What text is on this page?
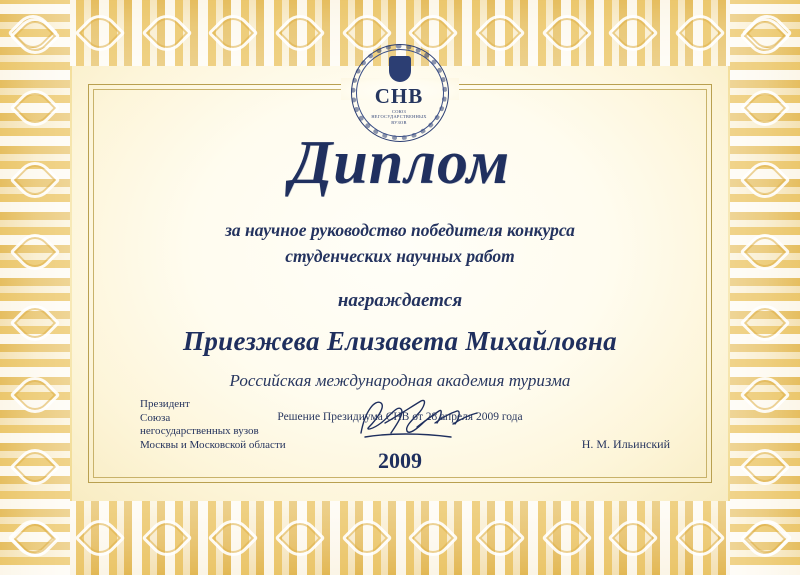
СНВ
СОЮЗ
НЕГОСУДАРСТВЕННЫХ
ВУЗОВ
Диплом
за научное руководство победителя конкурса
студенческих научных работ
награждается
Приезжева Елизавета Михайловна
Российская международная академия туризма
Решение Президиума СНВ от 28 апреля 2009 года
Президент
Союза
негосударственных вузов
Москвы и Московской области	Н. М. Ильинский
2009
